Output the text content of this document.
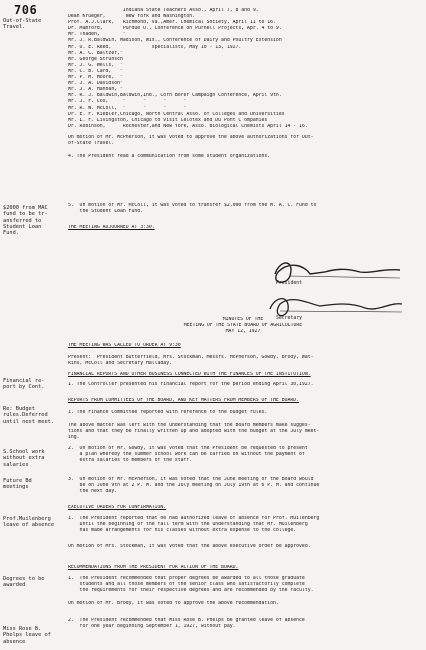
706
Out-of-State
Travel.
$2000 from MAC
fund to be tr-
ansferred to
Student Loan
Fund.
Financial re-
port by Cont.
Re: Budget
rules.Deferred
until next meet.
S.School work
without extra
salaries
Future Bd
meetings
Prof.Muilenberg
leave of absence
Degrees to be
awarded
Miss Rose B.
Phelps leave of
absence
Indiana State Teachers Asso., April 7, 8 and 9.
Dean Krueger,       New York and Washington.
Prof. A.J.Clark,   Richmond, Va.,Amer. Chemical Society, April 11 to 16.
Dr. Mumford,       Purdue U., Conference on Purnell Projects, Apr. 4 to 9.
Mr. Thaden,        "
Mr. J. R.Baldwin, Madison, Wis., Conference of Dairy and Poultry Extension
Mr. O. E. Reed,              specialists, May 10 - 13, 1927.
Mr. A. C. Baltzer,"
Mr. George Struhsch
Mr. J. G. Wells,  "
Mr. C. B. Card,   "
Mr. P. M. Moore,  "
Mr. J. A. Davidson"
Mr. J. A. Hannah, "
Mr. R. J. Baldwin,Baldwin,Ind., Corn Borer Campaign Conference, April 9th.
Mr. J. F. Cox,     "      "      "      "
Mr. R. W. McColl,  "      "      "      "
Dr. E. F. Kiebler,Chicago, North Central Asso. of Colleges and Universities
Mr. L. F. Livingston, Chicago to visit Celotex and Du Pont C ompanies
Dr. Robinson,      Rochester,and New York, Asso. Biological Chemists April 14 - 16.
On motion of Mr. McPherson, it was voted to approve the above authorizations for Out-
of-State Travel.
4. The President read a communication from some student organizations.
5.  On motion of Mr. McColl, it was voted to transfer $2,000 from the M. A. C. Fund to
the Student Loan Fund.
THE MEETING ADJOURNED AT 3:30.
President
Secretary
MINUTES OF THE
MEETING OF THE STATE BOARD OF AGRICULTURE
MAY 12, 1927
THE MEETING WAS CALLED TO ORDER AT 9:30
Present:  President Butterfield, Mrs. Stockman, Messrs. McPherson, Gowdy, Brody, Wat-
kins, McColl and Secretary Halladay.
FINANCIAL REPORTS AND OTHER BUSINESS CONNECTED WITH THE FINANCES OF THE INSTITUTION.
1. The Controller presented his financial report for the period ending April 30,1927.
REPORTS FROM COMMITTEES OF THE BOARD, AND KEY MATTERS FROM MEMBERS OF THE BOARD.
1. The Finance Committee reported with reference to the budget rules.
The above matter was left with the understanding that the Board members make sugges-
tions and that they be finally written up and adopted with the budget at the July meet-
ing.
2.  On motion of Mr. Gowdy, it was voted that the President be requested to present
a plan whereby the summer school work can be carried on without the payment of
extra salaries to members of the staff.
3.  On motion of Mr. McPherson, it was voted that the June meeting of the Board would
be on June 9th at 2 P. M. and the July meeting on July 19th at 6 P. M. and continue
the next day.
EXECUTIVE ORDERS FOR CONFIRMATION.
1.  The President reported that he had authorized leave of absence for Prof. Muilenberg
until the beginning of the fall term with the understanding that Mr. Muilenberg
has made arrangements for his classes without extra expense to the college.
On motion of Mrs. Stockman, it was voted that the above executive order be approved.
RECOMMENDATIONS FROM THE PRESIDENT FOR ACTION OF THE BOARD.
1.  The President recommended that proper degrees be awarded to all those graduate
students and all those members of the senior class who satisfactorily complete
the requirements for their respective degrees and are recommended by the faculty.
On motion of Mr. Brody, it was voted to approve the above recommendation.
2.  The President recommended that Miss Rose B. Phelps be granted leave of absence
for one year beginning September 1, 1927, without pay.
